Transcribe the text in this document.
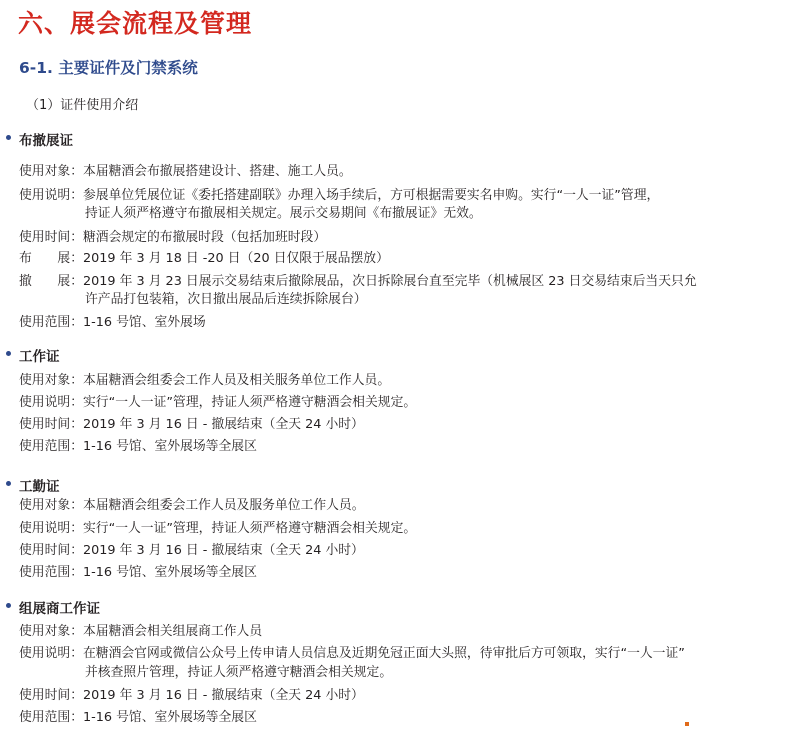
六、展会流程及管理
6-1. 主要证件及门禁系统
（1）证件使用介绍
布撤展证
使用对象：本届糖酒会布撤展搭建设计、搭建、施工人员。
使用说明：参展单位凭展位证《委托搭建副联》办理入场手续后，方可根据需要实名申购。实行“一人一证”管理，
持证人须严格遵守布撤展相关规定。展示交易期间《布撤展证》无效。
使用时间：糖酒会规定的布撤展时段（包括加班时段）
布　　展：2019 年 3 月 18 日 -20 日（20 日仅限于展品摆放）
撤　　展：2019 年 3 月 23 日展示交易结束后撤除展品，次日拆除展台直至完毕（机械展区 23 日交易结束后当天只允
许产品打包装箱，次日撤出展品后连续拆除展台）
使用范围：1-16 号馆、室外展场
工作证
使用对象：本届糖酒会组委会工作人员及相关服务单位工作人员。
使用说明：实行“一人一证”管理，持证人须严格遵守糖酒会相关规定。
使用时间：2019 年 3 月 16 日 - 撤展结束（全天 24 小时）
使用范围：1-16 号馆、室外展场等全展区
工勤证
使用对象：本届糖酒会组委会工作人员及服务单位工作人员。
使用说明：实行“一人一证”管理，持证人须严格遵守糖酒会相关规定。
使用时间：2019 年 3 月 16 日 - 撤展结束（全天 24 小时）
使用范围：1-16 号馆、室外展场等全展区
组展商工作证
使用对象：本届糖酒会相关组展商工作人员
使用说明：在糖酒会官网或微信公众号上传申请人员信息及近期免冠正面大头照，待审批后方可领取，实行“一人一证”
并核查照片管理，持证人须严格遵守糖酒会相关规定。
使用时间：2019 年 3 月 16 日 - 撤展结束（全天 24 小时）
使用范围：1-16 号馆、室外展场等全展区
